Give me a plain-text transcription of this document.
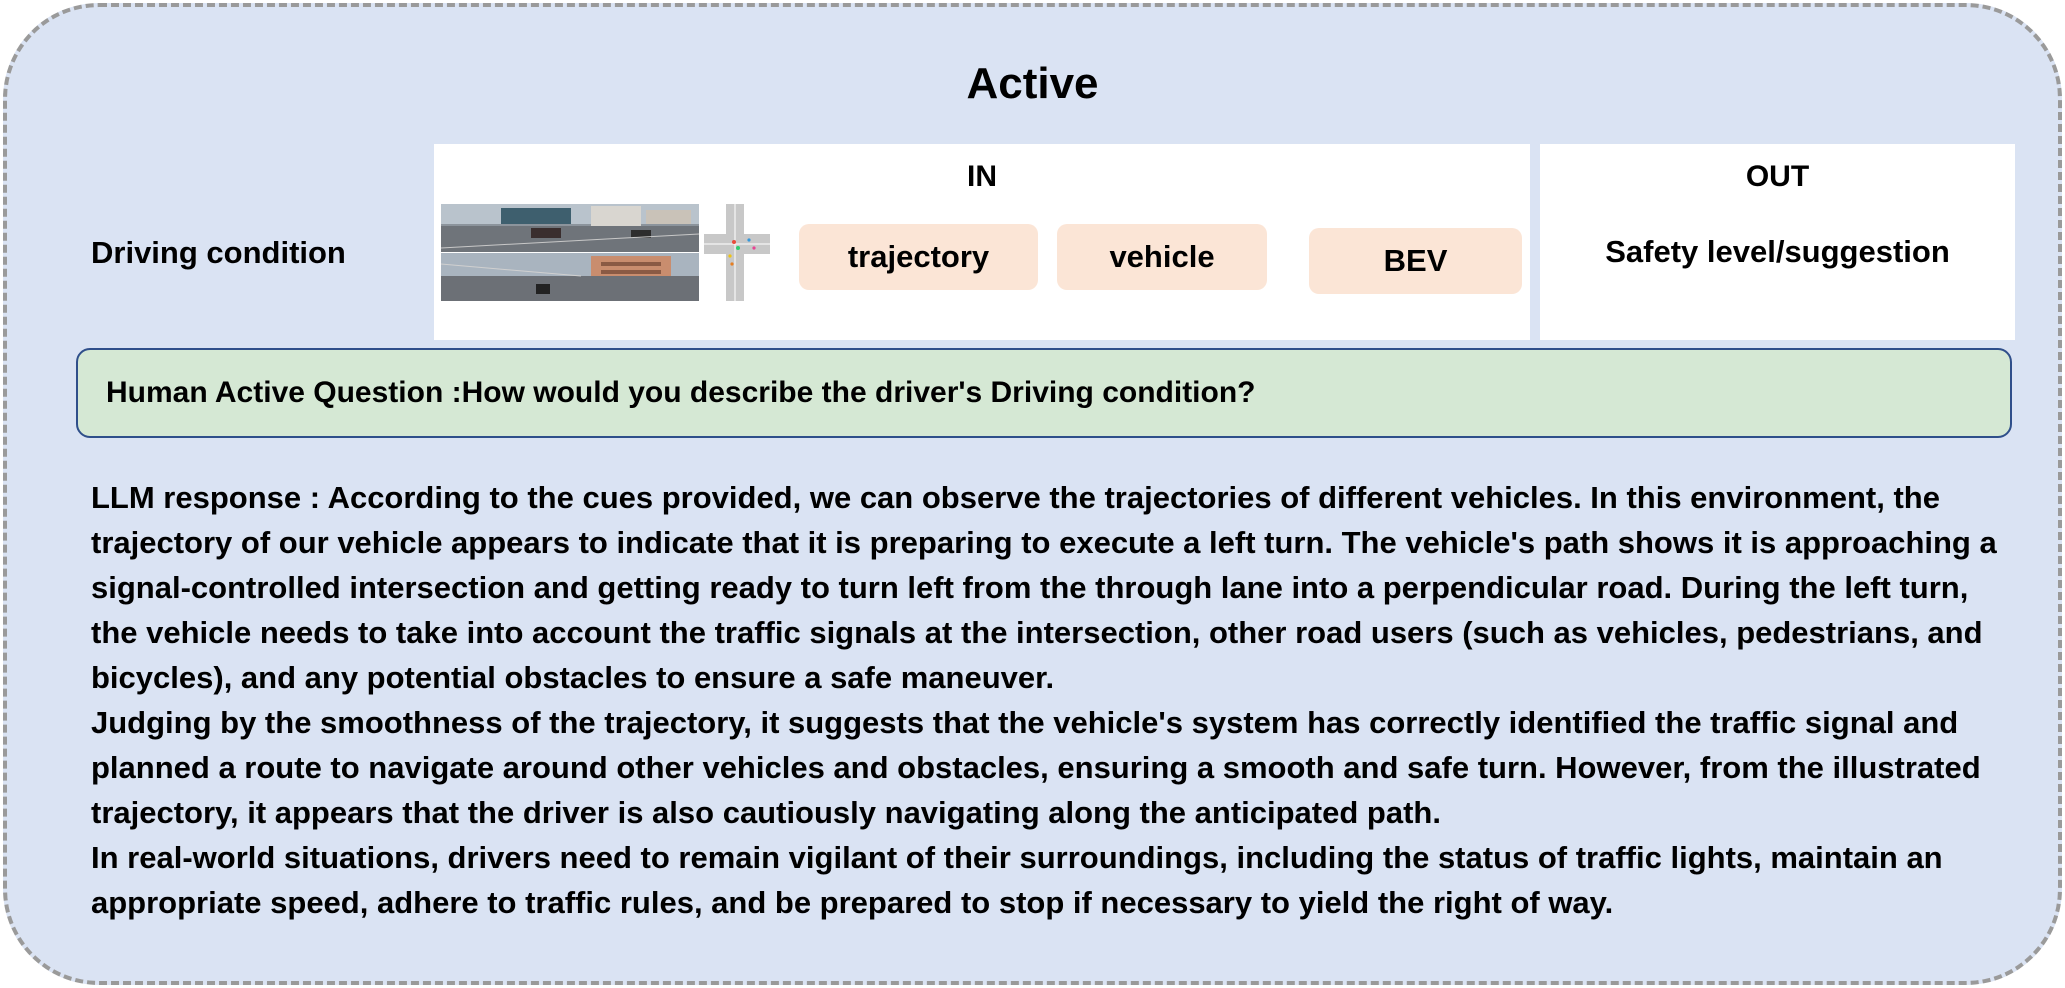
Active
Driving condition
IN
trajectory	vehicle	BEV
OUT
Safety level/suggestion
Human Active Question : How would you describe the driver's Driving condition?

LLM response : According to the cues provided, we can observe the trajectories of different vehicles. In this environment, the trajectory of our vehicle appears to indicate that it is preparing to execute a left turn. The vehicle's path shows it is approaching a signal-controlled intersection and getting ready to turn left from the through lane into a perpendicular road. During the left turn, the vehicle needs to take into account the traffic signals at the intersection, other road users (such as vehicles, pedestrians, and bicycles), and any potential obstacles to ensure a safe maneuver.

Judging by the smoothness of the trajectory, it suggests that the vehicle's system has correctly identified the traffic signal and planned a route to navigate around other vehicles and obstacles, ensuring a smooth and safe turn. However, from the illustrated trajectory, it appears that the driver is also cautiously navigating along the anticipated path.

In real-world situations, drivers need to remain vigilant of their surroundings, including the status of traffic lights, maintain an appropriate speed, adhere to traffic rules, and be prepared to stop if necessary to yield the right of way.
